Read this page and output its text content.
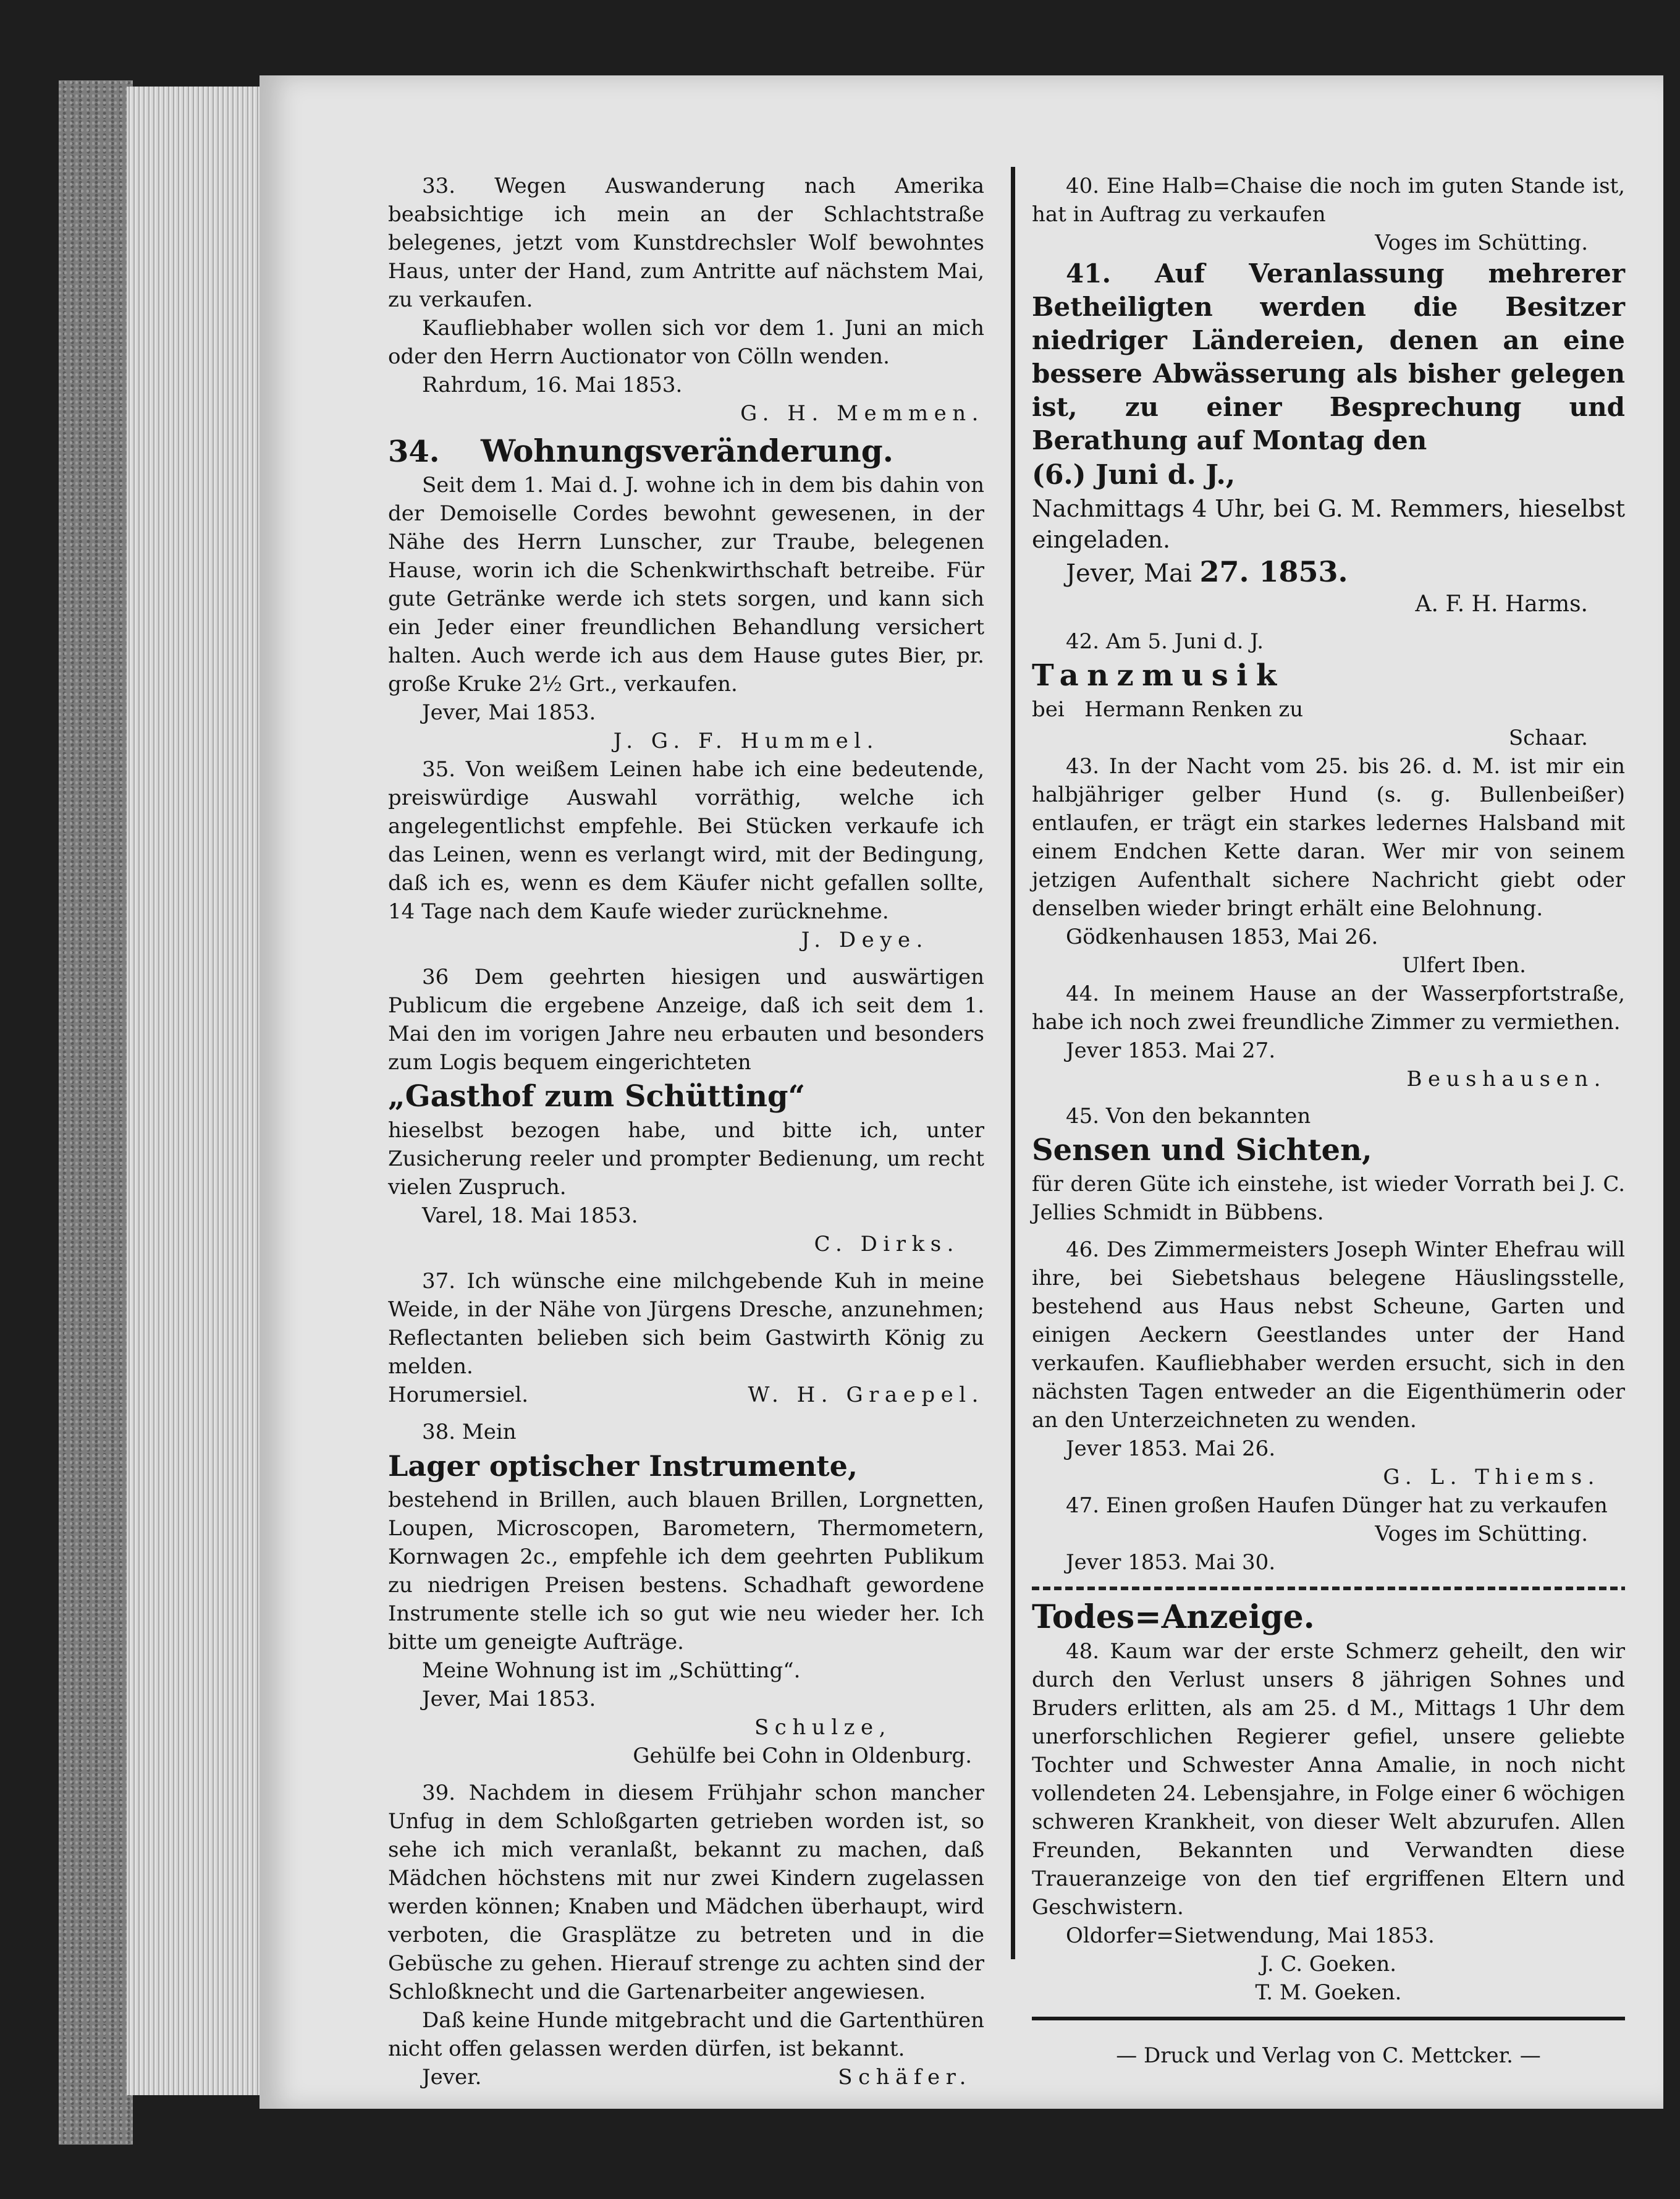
33. Wegen Auswanderung nach Amerika beabsichtige ich mein an der Schlachtstraße belegenes, jetzt vom Kunstdrechsler Wolf bewohntes Haus, unter der Hand, zum Antritte auf nächstem Mai, zu verkaufen.

Kaufliebhaber wollen sich vor dem 1. Juni an mich oder den Herrn Auctionator von Cölln wenden.

Rahrdum, 16. Mai 1853.

G. H. Memmen.

34. Wohnungsveränderung.

Seit dem 1. Mai d. J. wohne ich in dem bis dahin von der Demoiselle Cordes bewohnt gewesenen, in der Nähe des Herrn Lunscher, zur Traube, belegenen Hause, worin ich die Schenkwirthschaft betreibe. Für gute Getränke werde ich stets sorgen, und kann sich ein Jeder einer freundlichen Behandlung versichert halten. Auch werde ich aus dem Hause gutes Bier, pr. große Kruke 2½ Grt., verkaufen.

Jever, Mai 1853.

J. G. F. Hummel.

35. Von weißem Leinen habe ich eine bedeutende, preiswürdige Auswahl vorräthig, welche ich angelegentlichst empfehle. Bei Stücken verkaufe ich das Leinen, wenn es verlangt wird, mit der Bedingung, daß ich es, wenn es dem Käufer nicht gefallen sollte, 14 Tage nach dem Kaufe wieder zurücknehme.

J. Deye.

36 Dem geehrten hiesigen und auswärtigen Publicum die ergebene Anzeige, daß ich seit dem 1. Mai den im vorigen Jahre neu erbauten und besonders zum Logis bequem eingerichteten

„Gasthof zum Schütting“

hieselbst bezogen habe, und bitte ich, unter Zusicherung reeler und prompter Bedienung, um recht vielen Zuspruch.

Varel, 18. Mai 1853.

C. Dirks.

37. Ich wünsche eine milchgebende Kuh in meine Weide, in der Nähe von Jürgens Dresche, anzunehmen; Reflectanten belieben sich beim Gastwirth König zu melden.

Horumersiel.	W. H. Graepel.

38. Mein

Lager optischer Instrumente,

bestehend in Brillen, auch blauen Brillen, Lorgnetten, Loupen, Microscopen, Barometern, Thermometern, Kornwagen 2c., empfehle ich dem geehrten Publikum zu niedrigen Preisen bestens. Schadhaft gewordene Instrumente stelle ich so gut wie neu wieder her. Ich bitte um geneigte Aufträge.

Meine Wohnung ist im „Schütting“.

Jever, Mai 1853.

Schulze,

Gehülfe bei Cohn in Oldenburg.

39. Nachdem in diesem Frühjahr schon mancher Unfug in dem Schloßgarten getrieben worden ist, so sehe ich mich veranlaßt, bekannt zu machen, daß Mädchen höchstens mit nur zwei Kindern zugelassen werden können; Knaben und Mädchen überhaupt, wird verboten, die Grasplätze zu betreten und in die Gebüsche zu gehen. Hierauf strenge zu achten sind der Schloßknecht und die Gartenarbeiter angewiesen.

Daß keine Hunde mitgebracht und die Gartenthüren nicht offen gelassen werden dürfen, ist bekannt.

Jever.	Schäfer.

40. Eine Halb=Chaise die noch im guten Stande ist, hat in Auftrag zu verkaufen

Voges im Schütting.

41. Auf Veranlassung mehrerer Betheiligten werden die Besitzer niedriger Ländereien, denen an eine bessere Abwässerung als bisher gelegen ist, zu einer Besprechung und Berathung auf Montag den

(6.) Juni d. J.,

Nachmittags 4 Uhr, bei G. M. Remmers, hieselbst eingeladen.

Jever, Mai 27. 1853.

A. F. H. Harms.

42. Am 5. Juni d. J.

Tanzmusik

bei   Hermann Renken zu

Schaar.

43. In der Nacht vom 25. bis 26. d. M. ist mir ein halbjähriger gelber Hund (s. g. Bullenbeißer) entlaufen, er trägt ein starkes ledernes Halsband mit einem Endchen Kette daran. Wer mir von seinem jetzigen Aufenthalt sichere Nachricht giebt oder denselben wieder bringt erhält eine Belohnung.

Gödkenhausen 1853, Mai 26.

Ulfert Iben.

44. In meinem Hause an der Wasserpfortstraße, habe ich noch zwei freundliche Zimmer zu vermiethen.

Jever 1853. Mai 27.

Beushausen.

45. Von den bekannten

Sensen und Sichten,

für deren Güte ich einstehe, ist wieder Vorrath bei J. C. Jellies Schmidt in Bübbens.

46. Des Zimmermeisters Joseph Winter Ehefrau will ihre, bei Siebetshaus belegene Häuslingsstelle, bestehend aus Haus nebst Scheune, Garten und einigen Aeckern Geestlandes unter der Hand verkaufen. Kaufliebhaber werden ersucht, sich in den nächsten Tagen entweder an die Eigenthümerin oder an den Unterzeichneten zu wenden.

Jever 1853. Mai 26.

G. L. Thiems.

47. Einen großen Haufen Dünger hat zu verkaufen

Voges im Schütting.

Jever 1853. Mai 30.

Todes=Anzeige.

48. Kaum war der erste Schmerz geheilt, den wir durch den Verlust unsers 8 jährigen Sohnes und Bruders erlitten, als am 25. d M., Mittags 1 Uhr dem unerforschlichen Regierer gefiel, unsere geliebte Tochter und Schwester Anna Amalie, in noch nicht vollendeten 24. Lebensjahre, in Folge einer 6 wöchigen schweren Krankheit, von dieser Welt abzurufen. Allen Freunden, Bekannten und Verwandten diese Traueranzeige von den tief ergriffenen Eltern und Geschwistern.

Oldorfer=Sietwendung, Mai 1853.

J. C. Goeken.

T. M. Goeken.

— Druck und Verlag von C. Mettcker. —
